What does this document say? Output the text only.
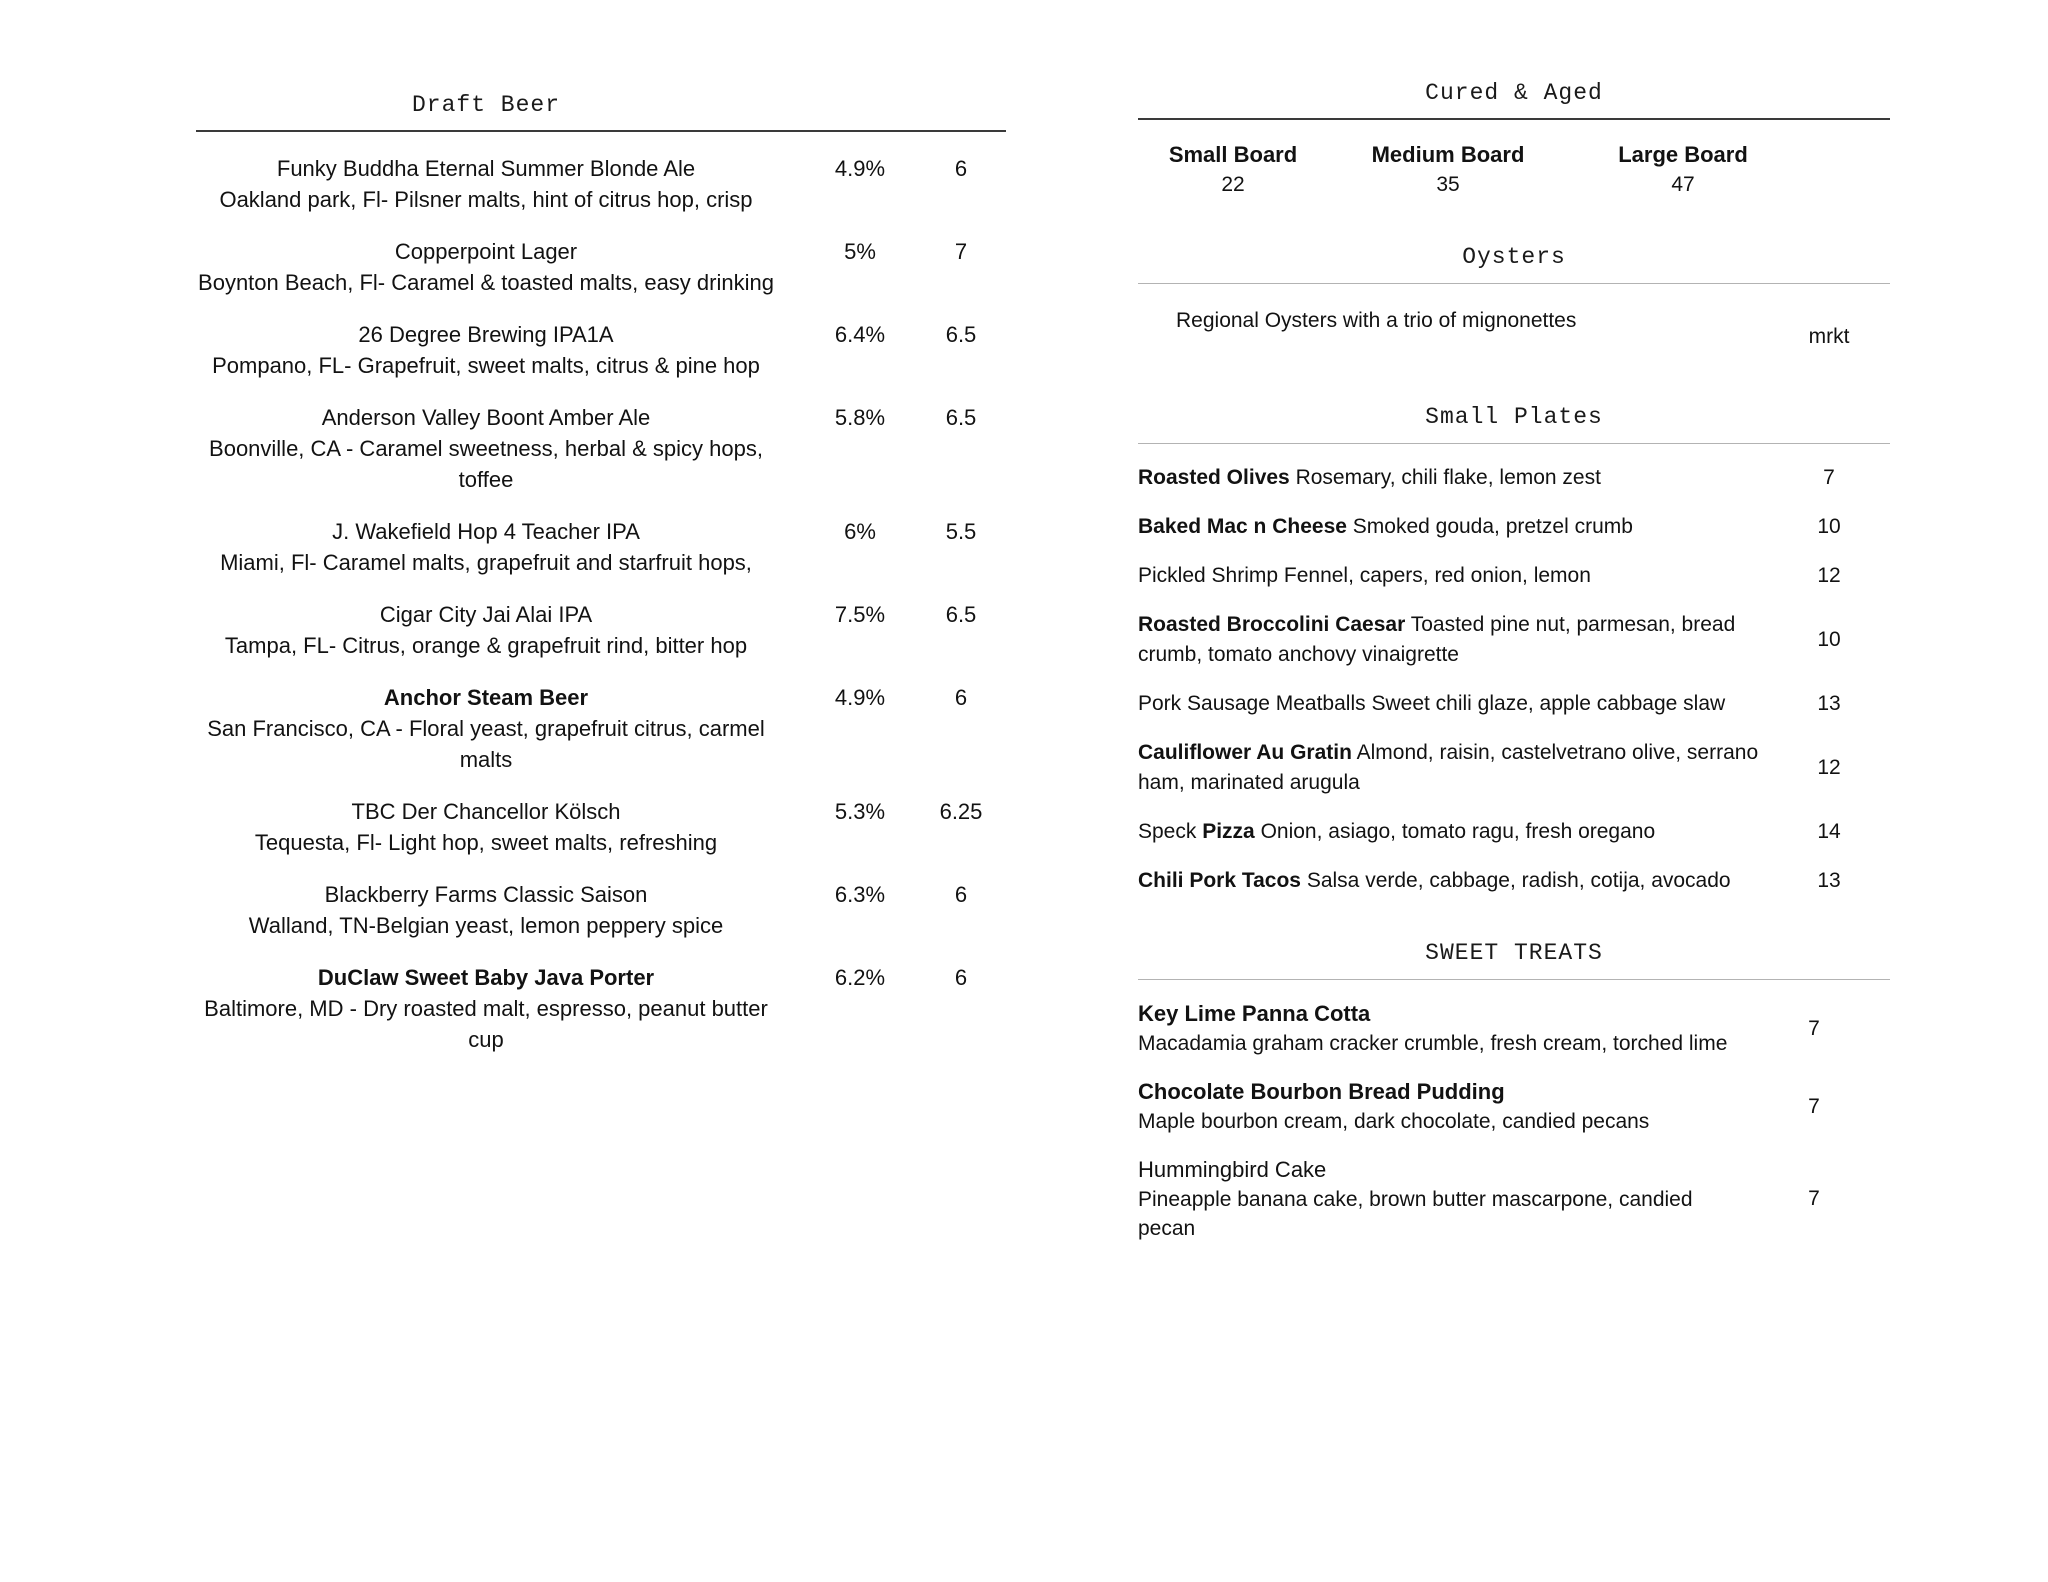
Draft Beer
Funky Buddha Eternal Summer Blonde Ale
Oakland park, Fl- Pilsner malts, hint of citrus hop, crisp
4.9%	6
Copperpoint Lager
Boynton Beach, Fl- Caramel & toasted malts, easy drinking
5%	7
26 Degree Brewing IPA1A
Pompano, FL- Grapefruit, sweet malts, citrus & pine hop
6.4%	6.5
Anderson Valley Boont Amber Ale
Boonville, CA - Caramel sweetness, herbal & spicy hops, toffee
5.8%	6.5
J. Wakefield Hop 4 Teacher IPA
Miami, Fl- Caramel malts, grapefruit and starfruit hops,
6%	5.5
Cigar City Jai Alai IPA
Tampa, FL- Citrus, orange & grapefruit rind, bitter hop
7.5%	6.5
Anchor Steam Beer
San Francisco, CA - Floral yeast, grapefruit citrus, carmel malts
4.9%	6
TBC Der Chancellor Kölsch
Tequesta, Fl- Light hop, sweet malts, refreshing
5.3%	6.25
Blackberry Farms Classic Saison
Walland, TN-Belgian yeast, lemon peppery spice
6.3%	6
DuClaw Sweet Baby Java Porter
Baltimore, MD - Dry roasted malt, espresso, peanut butter cup
6.2%	6
Cured & Aged
Small Board
22
Medium Board
35
Large Board
47
Oysters
Regional Oysters with a trio of mignonettes
mrkt
Small Plates
Roasted Olives Rosemary, chili flake, lemon zest	7
Baked Mac n Cheese Smoked gouda, pretzel crumb	10
Pickled Shrimp Fennel, capers, red onion, lemon	12
Roasted Broccolini Caesar Toasted pine nut, parmesan, bread crumb, tomato anchovy vinaigrette
10
Pork Sausage Meatballs Sweet chili glaze, apple cabbage slaw	13
Cauliflower Au Gratin Almond, raisin, castelvetrano olive, serrano ham, marinated arugula
12
Speck Pizza Onion, asiago, tomato ragu, fresh oregano	14
Chili Pork Tacos Salsa verde, cabbage, radish, cotija, avocado	13
SWEET TREATS
Key Lime Panna Cotta
Macadamia graham cracker crumble, fresh cream, torched lime
7
Chocolate Bourbon Bread Pudding
Maple bourbon cream, dark chocolate, candied pecans
7
Hummingbird Cake
Pineapple banana cake, brown butter mascarpone, candied pecan
7
